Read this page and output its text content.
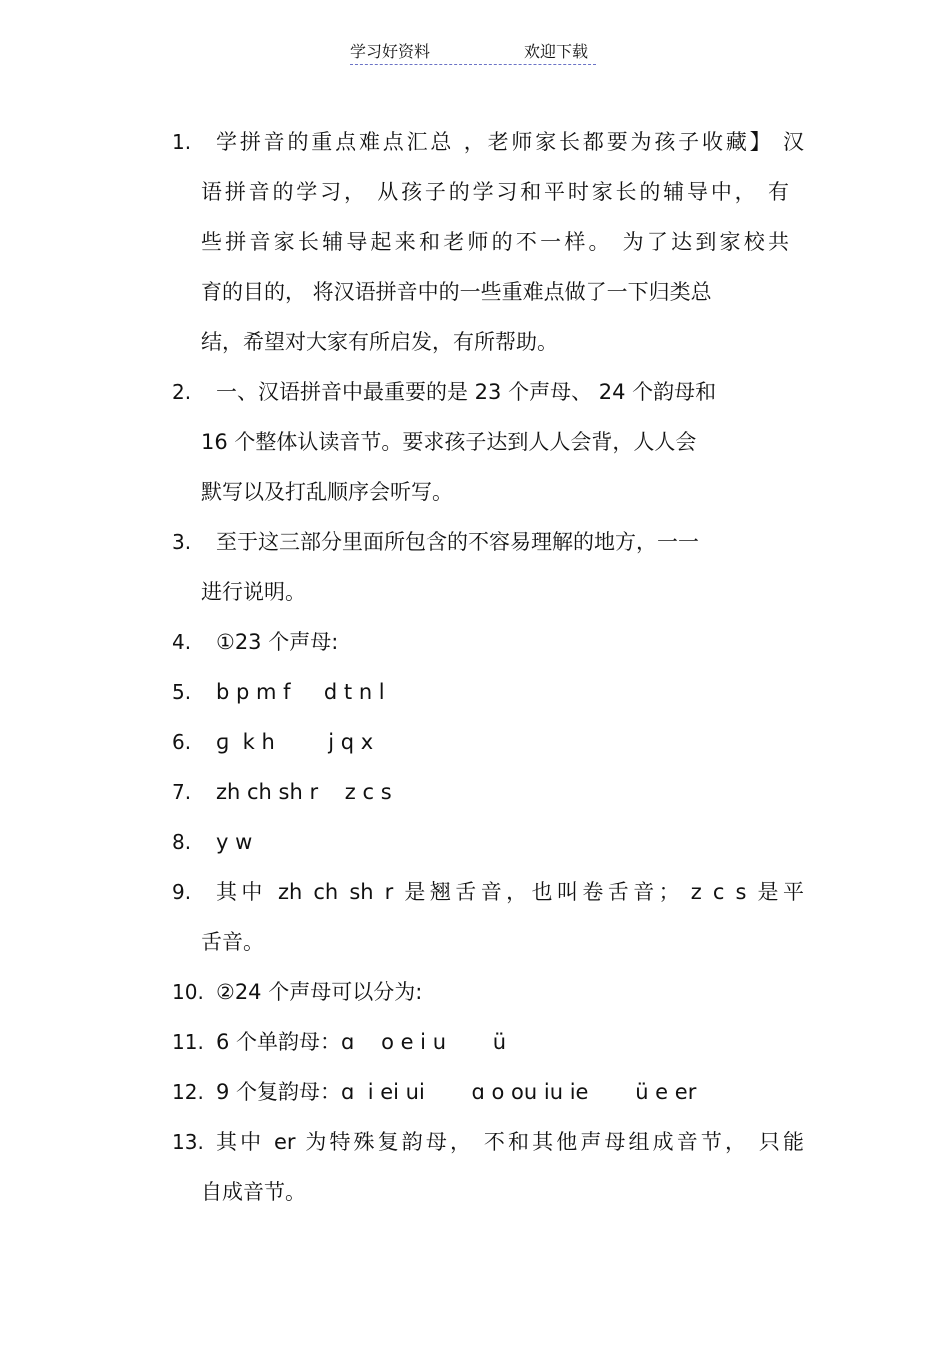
学习好资料	欢迎下载
1.	学拼音的重点难点汇总 ，老师家长都要为孩子收藏】 汉
语拼音的学习， 从孩子的学习和平时家长的辅导中， 有
些拼音家长辅导起来和老师的不一样。 为了达到家校共
育的目的， 将汉语拼音中的一些重难点做了一下归类总
结，希望对大家有所启发，有所帮助。
2.	一、汉语拼音中最重要的是 23 个声母、 24 个韵母和
16 个整体认读音节。要求孩子达到人人会背，人人会
默写以及打乱顺序会听写。
3.	至于这三部分里面所包含的不容易理解的地方，一一
进行说明。
4.	①23 个声母:
5.	b p m f     d t n l
6.	ɡ  k h        j q x
7.	zh ch sh r    z c s
8.	y w
9.	其中 zh ch sh r 是翘舌音，也叫卷舌音； z c s 是平
舌音。
10. ②24 个声母可以分为:
11. 6 个单韵母：ɑ    o e i u       ü
12. 9 个复韵母：ɑ  i ei ui       ɑ o ou iu ie       ü e er
13. 其中 er 为特殊复韵母， 不和其他声母组成音节， 只能
自成音节。
